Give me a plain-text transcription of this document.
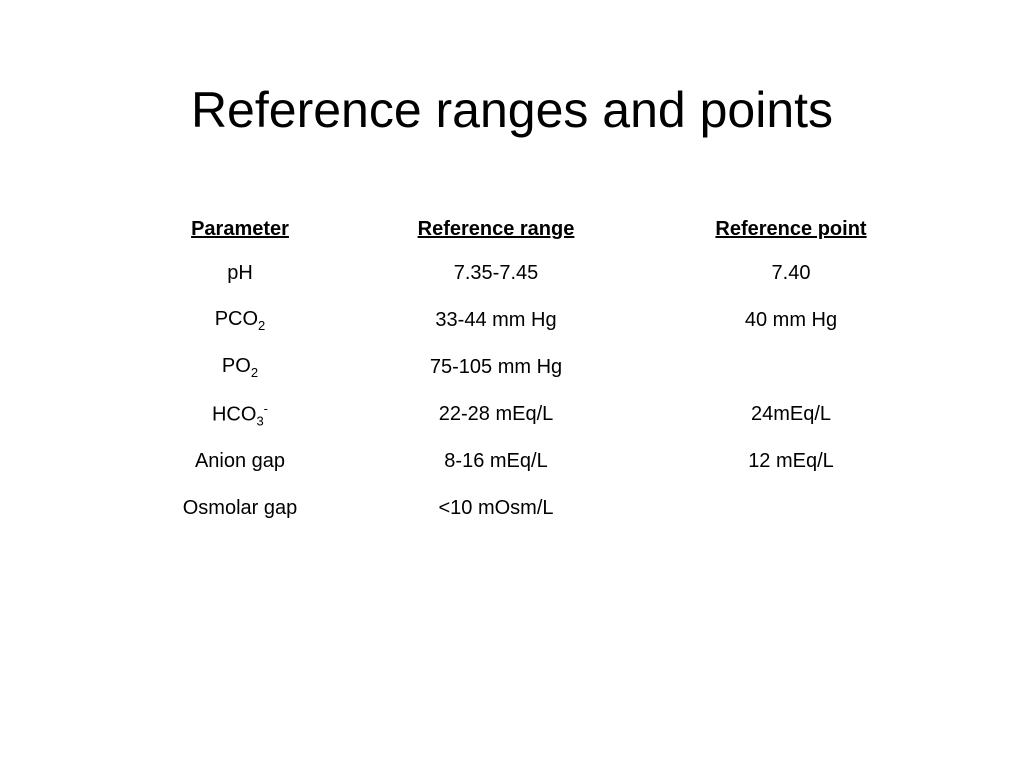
Reference ranges and points
Parameter	Reference range	Reference point
pH	7.35-7.45	7.40
$PCO_2$	33-44 mm Hg	40 mm Hg
$PO_2$	75-105 mm Hg	
$HCO_3^-$	22-28 mEq/L	24mEq/L
Anion gap	8-16 mEq/L	12 mEq/L
Osmolar gap	<10 mOsm/L	
